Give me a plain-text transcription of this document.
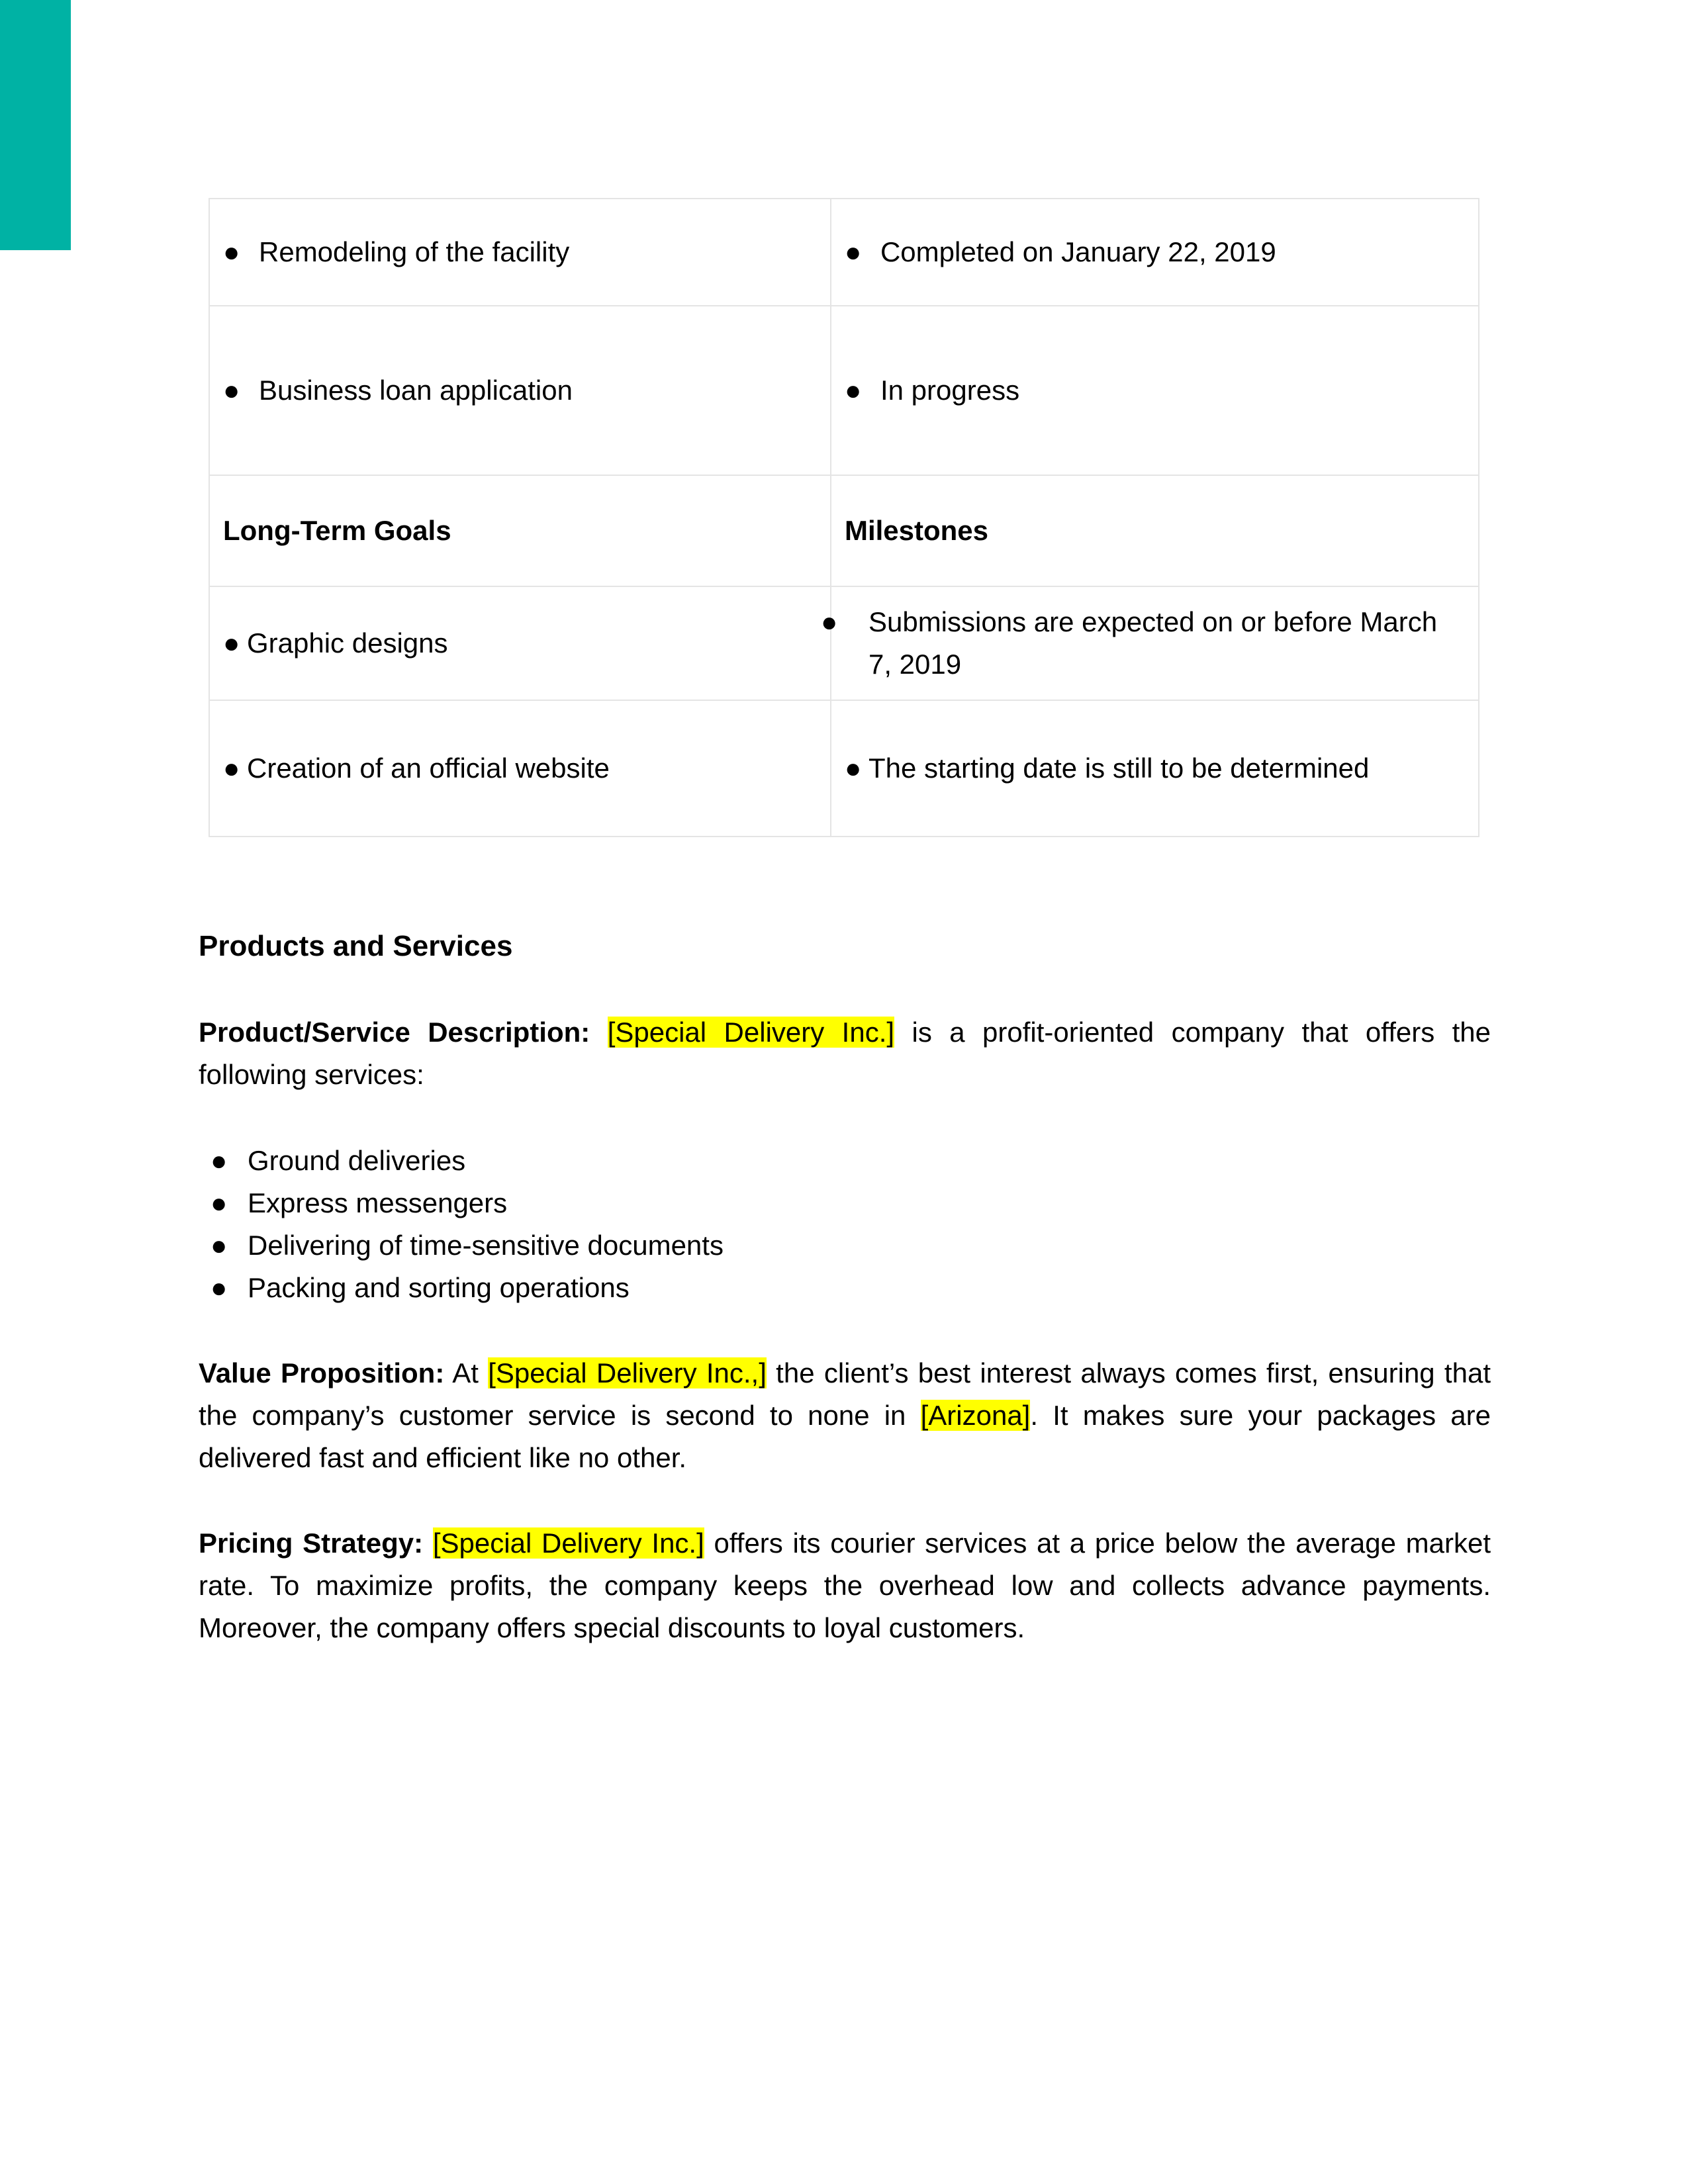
● Remodeling of the facility	● Completed on January 22, 2019
● Business loan application	● In progress
Long-Term Goals	Milestones
● Graphic designs	● Submissions are expected on or before March 7, 2019

● Creation of an official website	● The starting date is still to be determined
Products and Services

Product/Service Description: [Special Delivery Inc.] is a profit-oriented company that offers the following services:

● Ground deliveries
● Express messengers
● Delivering of time-sensitive documents
● Packing and sorting operations

Value Proposition: At [Special Delivery Inc.,] the client’s best interest always comes first, ensuring that the company’s customer service is second to none in [Arizona]. It makes sure your packages are delivered fast and efficient like no other.

Pricing Strategy: [Special Delivery Inc.] offers its courier services at a price below the average market rate. To maximize profits, the company keeps the overhead low and collects advance payments. Moreover, the company offers special discounts to loyal customers.
